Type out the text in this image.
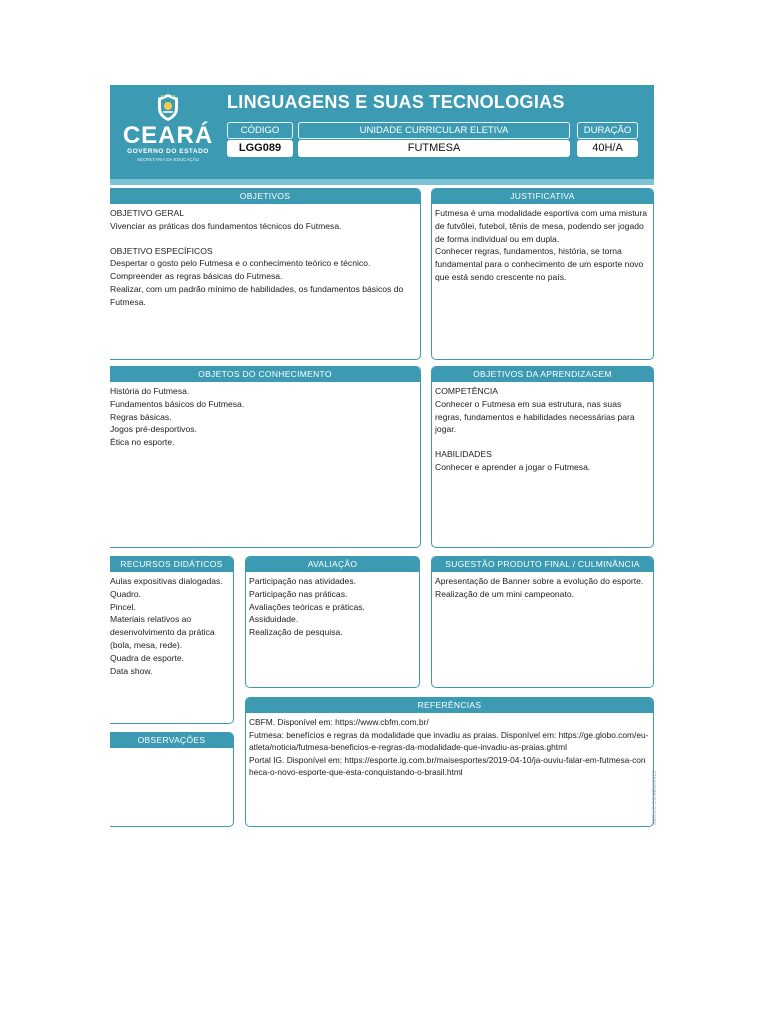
CEARÁ
GOVERNO DO ESTADO
SECRETARIA DA EDUCAÇÃO
LINGUAGENS E SUAS TECNOLOGIAS
CÓDIGO
LGG089
UNIDADE CURRICULAR ELETIVA
FUTMESA
DURAÇÃO
40H/A
OBJETIVOS

OBJETIVO GERAL

Vivenciar as práticas dos fundamentos técnicos do Futmesa.

OBJETIVO ESPECÍFICOS

Despertar o gosto pelo Futmesa e o conhecimento teórico e técnico.

Compreender as regras básicas do Futmesa.

Realizar, com um padrão mínimo de habilidades, os fundamentos básicos do Futmesa.

JUSTIFICATIVA

Futmesa é uma modalidade esportiva com uma mistura de futvôlei, futebol, tênis de mesa, podendo ser jogado de forma individual ou em dupla.

Conhecer regras, fundamentos, história, se torna fundamental para o conhecimento de um esporte novo que está sendo crescente no país.

OBJETOS DO CONHECIMENTO

História do Futmesa.

Fundamentos básicos do Futmesa.

Regras básicas.

Jogos pré-desportivos.

Ética no esporte.

OBJETIVOS DA APRENDIZAGEM

COMPETÊNCIA

Conhecer o Futmesa em sua estrutura, nas suas regras, fundamentos e habilidades necessárias para jogar.

HABILIDADES

Conhecer e aprender a jogar o Futmesa.

RECURSOS DIDÁTICOS

Aulas expositivas dialogadas.

Quadro.

Pincel.

Materiais relativos ao desenvolvimento da prática (bola, mesa, rede).

Quadra de esporte.

Data show.

AVALIAÇÃO

Participação nas atividades.

Participação nas práticas.

Avaliações teóricas e práticas.

Assiduidade.

Realização de pesquisa.

SUGESTÃO PRODUTO FINAL / CULMINÂNCIA

Apresentação de Banner sobre a evolução do esporte.

Realização de um mini campeonato.

OBSERVAÇÕES
REFERÊNCIAS

CBFM. Disponível em: https://www.cbfm.com.br/

Futmesa: benefícios e regras da modalidade que invadiu as praias. Disponível em: https://ge.globo.com/eu-atleta/noticia/futmesa-beneficios-e-regras-da-modalidade-que-invadiu-as-praias.ghtml

Portal IG. Disponível em: https://esporte.ig.com.br/maisesportes/2019-04-10/ja-ouviu-falar-em-futmesa-conheca-o-novo-esporte-que-esta-conquistando-o-brasil.html	SEDUC/COGEM/2022
